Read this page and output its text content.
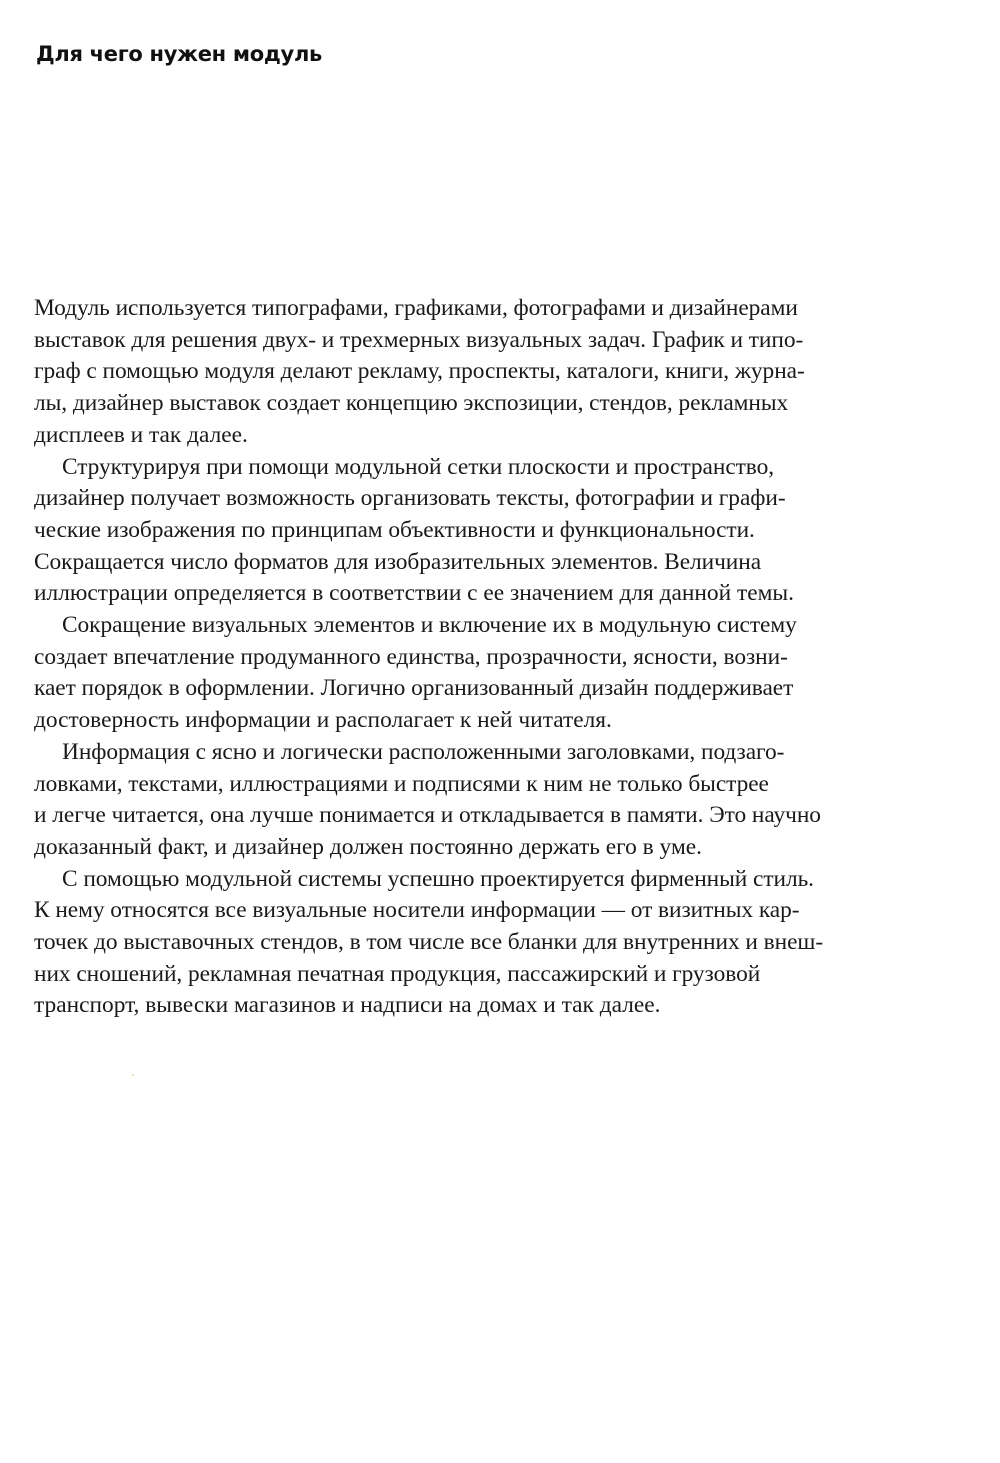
Для чего нужен модуль

Модуль используется типографами, графиками, фотографами и дизайнерами
выставок для решения двух- и трехмерных визуальных задач. График и типо-
граф с помощью модуля делают рекламу, проспекты, каталоги, книги, журна-
лы, дизайнер выставок создает концепцию экспозиции, стендов, рекламных
дисплеев и так далее.

Структурируя при помощи модульной сетки плоскости и пространство,
дизайнер получает возможность организовать тексты, фотографии и графи-
ческие изображения по принципам объективности и функциональности.
Сокращается число форматов для изобразительных элементов. Величина
иллюстрации определяется в соответствии с ее значением для данной темы.

Сокращение визуальных элементов и включение их в модульную систему
создает впечатление продуманного единства, прозрачности, ясности, возни-
кает порядок в оформлении. Логично организованный дизайн поддерживает
достоверность информации и располагает к ней читателя.

Информация с ясно и логически расположенными заголовками, подзаго-
ловками, текстами, иллюстрациями и подписями к ним не только быстрее
и легче читается, она лучше понимается и откладывается в памяти. Это научно
доказанный факт, и дизайнер должен постоянно держать его в уме.

С помощью модульной системы успешно проектируется фирменный стиль.
К нему относятся все визуальные носители информации — от визитных кар-
точек до выставочных стендов, в том числе все бланки для внутренних и внеш-
них сношений, рекламная печатная продукция, пассажирский и грузовой
транспорт, вывески магазинов и надписи на домах и так далее.
